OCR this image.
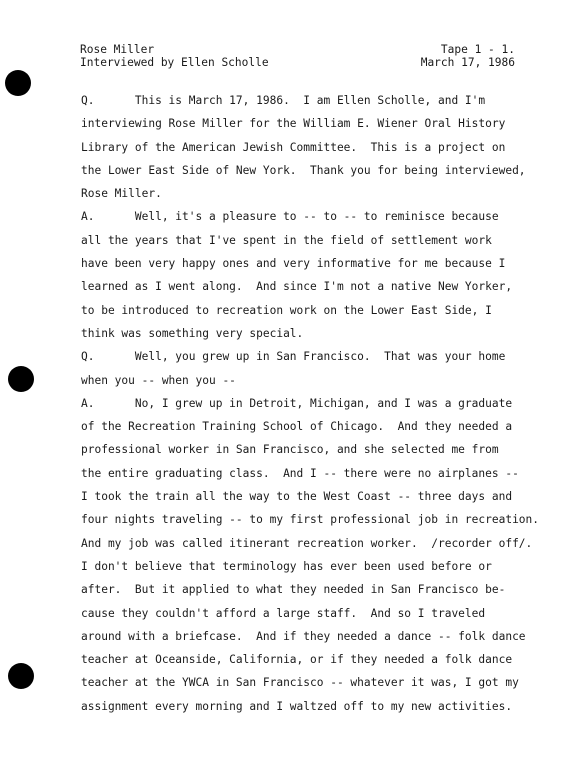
Rose Miller	Tape 1 - 1.
Interviewed by Ellen Scholle	March 17, 1986
Q.      This is March 17, 1986.  I am Ellen Scholle, and I'm
interviewing Rose Miller for the William E. Wiener Oral History
Library of the American Jewish Committee.  This is a project on
the Lower East Side of New York.  Thank you for being interviewed,
Rose Miller.
A.      Well, it's a pleasure to -- to -- to reminisce because
all the years that I've spent in the field of settlement work
have been very happy ones and very informative for me because I
learned as I went along.  And since I'm not a native New Yorker,
to be introduced to recreation work on the Lower East Side, I
think was something very special.
Q.      Well, you grew up in San Francisco.  That was your home
when you -- when you --
A.      No, I grew up in Detroit, Michigan, and I was a graduate
of the Recreation Training School of Chicago.  And they needed a
professional worker in San Francisco, and she selected me from
the entire graduating class.  And I -- there were no airplanes --
I took the train all the way to the West Coast -- three days and
four nights traveling -- to my first professional job in recreation.
And my job was called itinerant recreation worker.  /recorder off/.
I don't believe that terminology has ever been used before or
after.  But it applied to what they needed in San Francisco be-
cause they couldn't afford a large staff.  And so I traveled
around with a briefcase.  And if they needed a dance -- folk dance
teacher at Oceanside, California, or if they needed a folk dance
teacher at the YWCA in San Francisco -- whatever it was, I got my
assignment every morning and I waltzed off to my new activities.
